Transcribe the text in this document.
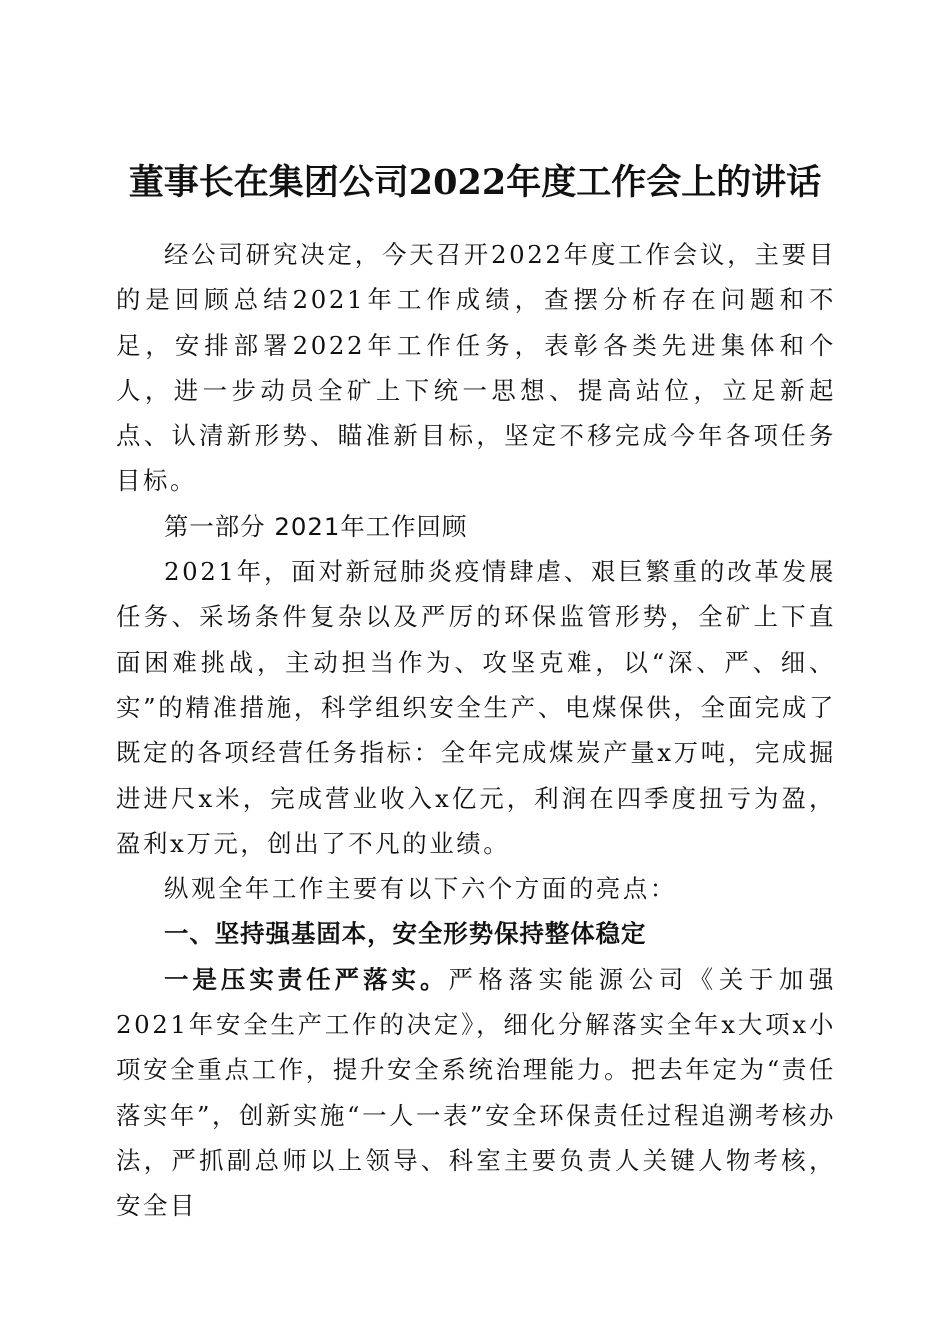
董事长在集团公司2022年度工作会上的讲话

经公司研究决定，今天召开2022年度工作会议，主要目的是回顾总结2021年工作成绩，查摆分析存在问题和不足，安排部署2022年工作任务，表彰各类先进集体和个人，进一步动员全矿上下统一思想、提高站位，立足新起点、认清新形势、瞄准新目标，坚定不移完成今年各项任务目标。

第一部分 2021年工作回顾

2021年，面对新冠肺炎疫情肆虐、艰巨繁重的改革发展任务、采场条件复杂以及严厉的环保监管形势，全矿上下直面困难挑战，主动担当作为、攻坚克难，以“深、严、细、实”的精准措施，科学组织安全生产、电煤保供，全面完成了既定的各项经营任务指标：全年完成煤炭产量x万吨，完成掘进进尺x米，完成营业收入x亿元，利润在四季度扭亏为盈，盈利x万元，创出了不凡的业绩。

纵观全年工作主要有以下六个方面的亮点：

一、坚持强基固本，安全形势保持整体稳定

一是压实责任严落实。严格落实能源公司《关于加强2021年安全生产工作的决定》，细化分解落实全年x大项x小项安全重点工作，提升安全系统治理能力。把去年定为“责任落实年”，创新实施“一人一表”安全环保责任过程追溯考核办法，严抓副总师以上领导、科室主要负责人关键人物考核，安全目
